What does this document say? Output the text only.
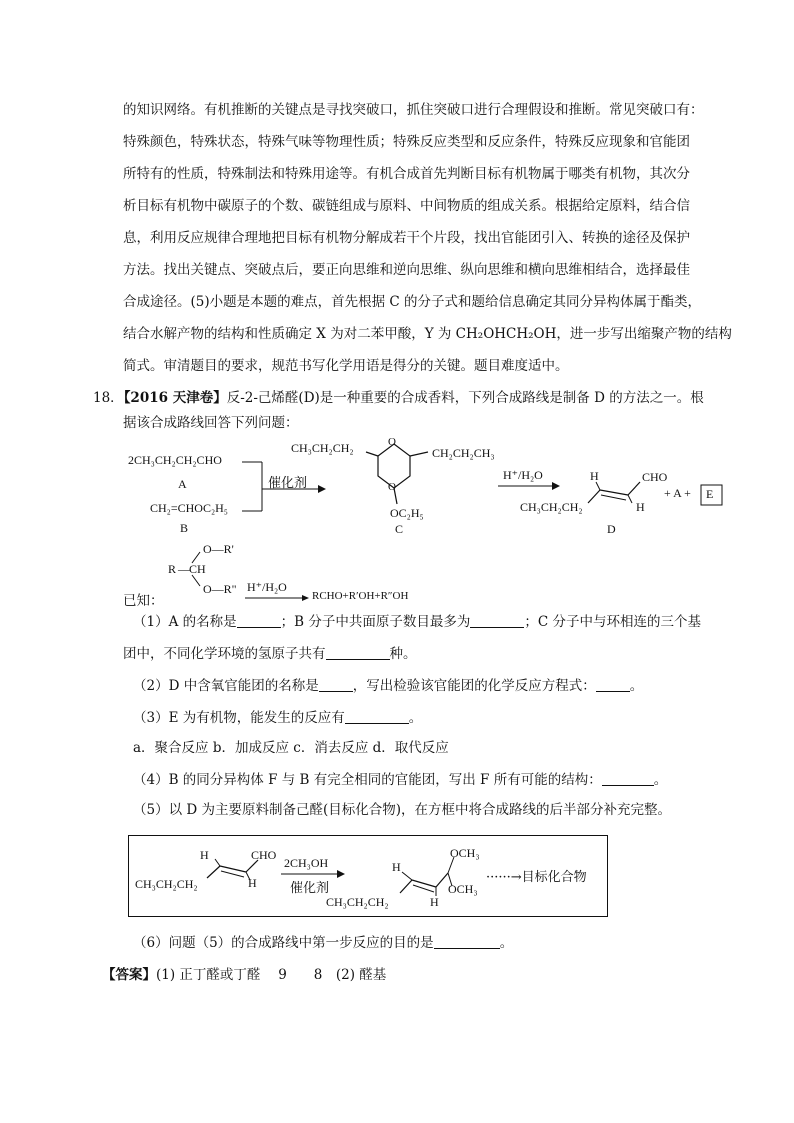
的知识网络。有机推断的关键点是寻找突破口，抓住突破口进行合理假设和推断。常见突破口有：
特殊颜色，特殊状态，特殊气味等物理性质；特殊反应类型和反应条件，特殊反应现象和官能团
所特有的性质，特殊制法和特殊用途等。有机合成首先判断目标有机物属于哪类有机物，其次分
析目标有机物中碳原子的个数、碳链组成与原料、中间物质的组成关系。根据给定原料，结合信
息，利用反应规律合理地把目标有机物分解成若干个片段，找出官能团引入、转换的途径及保护
方法。找出关键点、突破点后，要正向思维和逆向思维、纵向思维和横向思维相结合，选择最佳
合成途径。(5)小题是本题的难点，首先根据 C 的分子式和题给信息确定其同分异构体属于酯类，
结合水解产物的结构和性质确定 X 为对二苯甲酸，Y 为 CH₂OHCH₂OH，进一步写出缩聚产物的结构
简式。审清题目的要求，规范书写化学用语是得分的关键。题目难度适中。
18．【2016 天津卷】反-2-己烯醛(D)是一种重要的合成香料，下列合成路线是制备 D 的方法之一。根
据该合成路线回答下列问题：
2CH₃CH₂CH₂CHO
A
CH₂=CHOC₂H₅
B
CH₃CH₂CH₂	CH₂CH₂CH₃
O
O
OC₂H₅
C
催化剂
H⁺/H₂O	H	CHO
H
CH₃CH₂CH₂
D
+ A + E
O—R'
R — CH
O—R"
已知：
H⁺/H₂O
RCHO+R′OH+R″OH
（1）A 的名称是	；B 分子中共面原子数目最多为	；C 分子中与环相连的三个基
团中，不同化学环境的氢原子共有	种。
（2）D 中含氧官能团的名称是	，写出检验该官能团的化学反应方程式：	。
（3）E 为有机物，能发生的反应有	。
a．聚合反应 b．加成反应 c．消去反应 d．取代反应
（4）B 的同分异构体 F 与 B 有完全相同的官能团，写出 F 所有可能的结构：	。
（5）以 D 为主要原料制备己醛(目标化合物)，在方框中将合成路线的后半部分补充完整。
H	CHO
CH₃CH₂CH₂	H
2CH₃OH
催化剂
H
OCH₃
OCH₃
CH₃CH₂CH₂	H
······→目标化合物
（6）问题（5）的合成路线中第一步反应的目的是	。
【答案】(1) 正丁醛或丁醛　 9　　8　(2) 醛基
